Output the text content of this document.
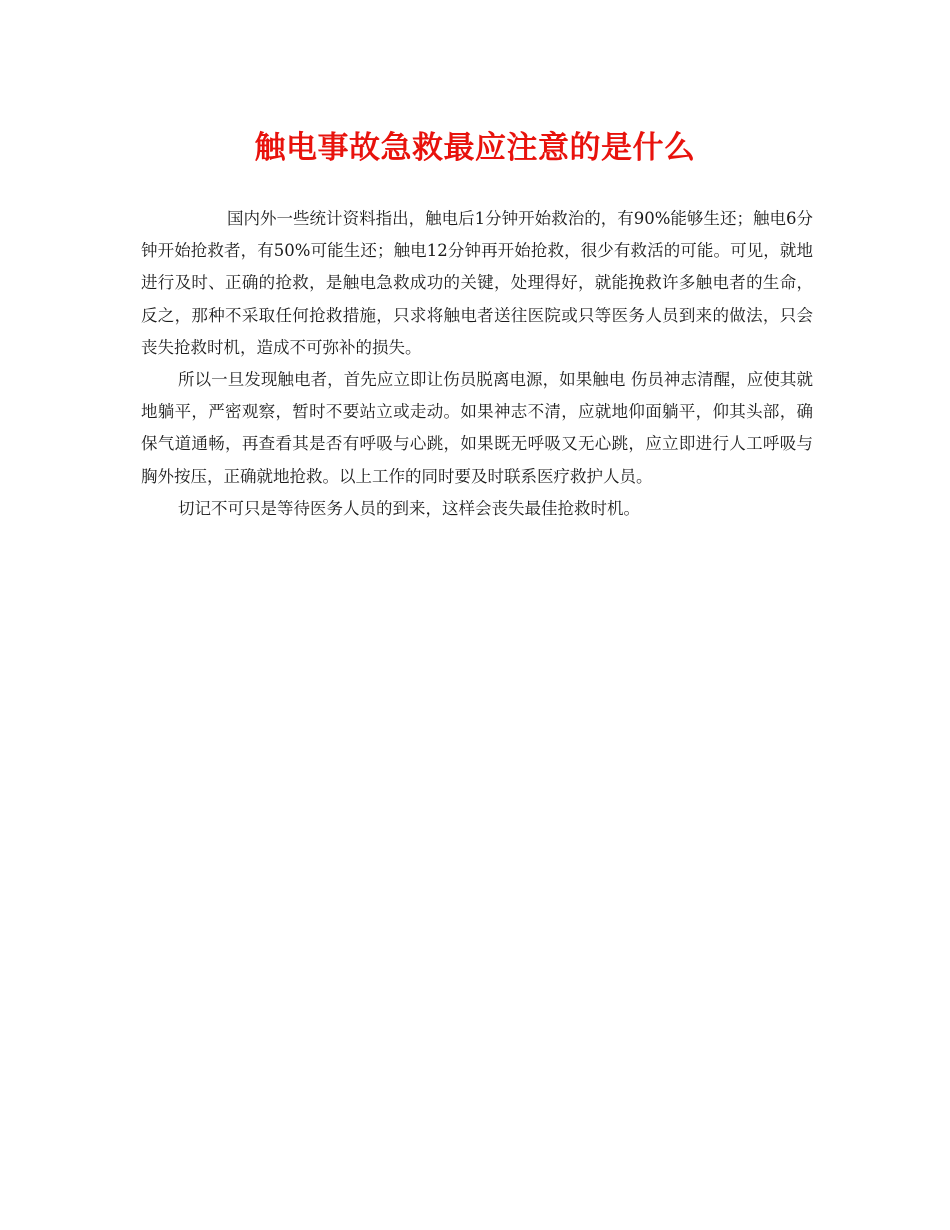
触电事故急救最应注意的是什么

国内外一些统计资料指出，触电后1分钟开始救治的，有90%能够生还；触电6分钟开始抢救者，有50%可能生还；触电12分钟再开始抢救，很少有救活的可能。可见，就地进行及时、正确的抢救，是触电急救成功的关键，处理得好，就能挽救许多触电者的生命，反之，那种不采取任何抢救措施，只求将触电者送往医院或只等医务人员到来的做法，只会丧失抢救时机，造成不可弥补的损失。

所以一旦发现触电者，首先应立即让伤员脱离电源，如果触电 伤员神志清醒，应使其就地躺平，严密观察，暂时不要站立或走动。如果神志不清，应就地仰面躺平，仰其头部，确保气道通畅，再查看其是否有呼吸与心跳，如果既无呼吸又无心跳，应立即进行人工呼吸与胸外按压，正确就地抢救。以上工作的同时要及时联系医疗救护人员。

切记不可只是等待医务人员的到来，这样会丧失最佳抢救时机。
